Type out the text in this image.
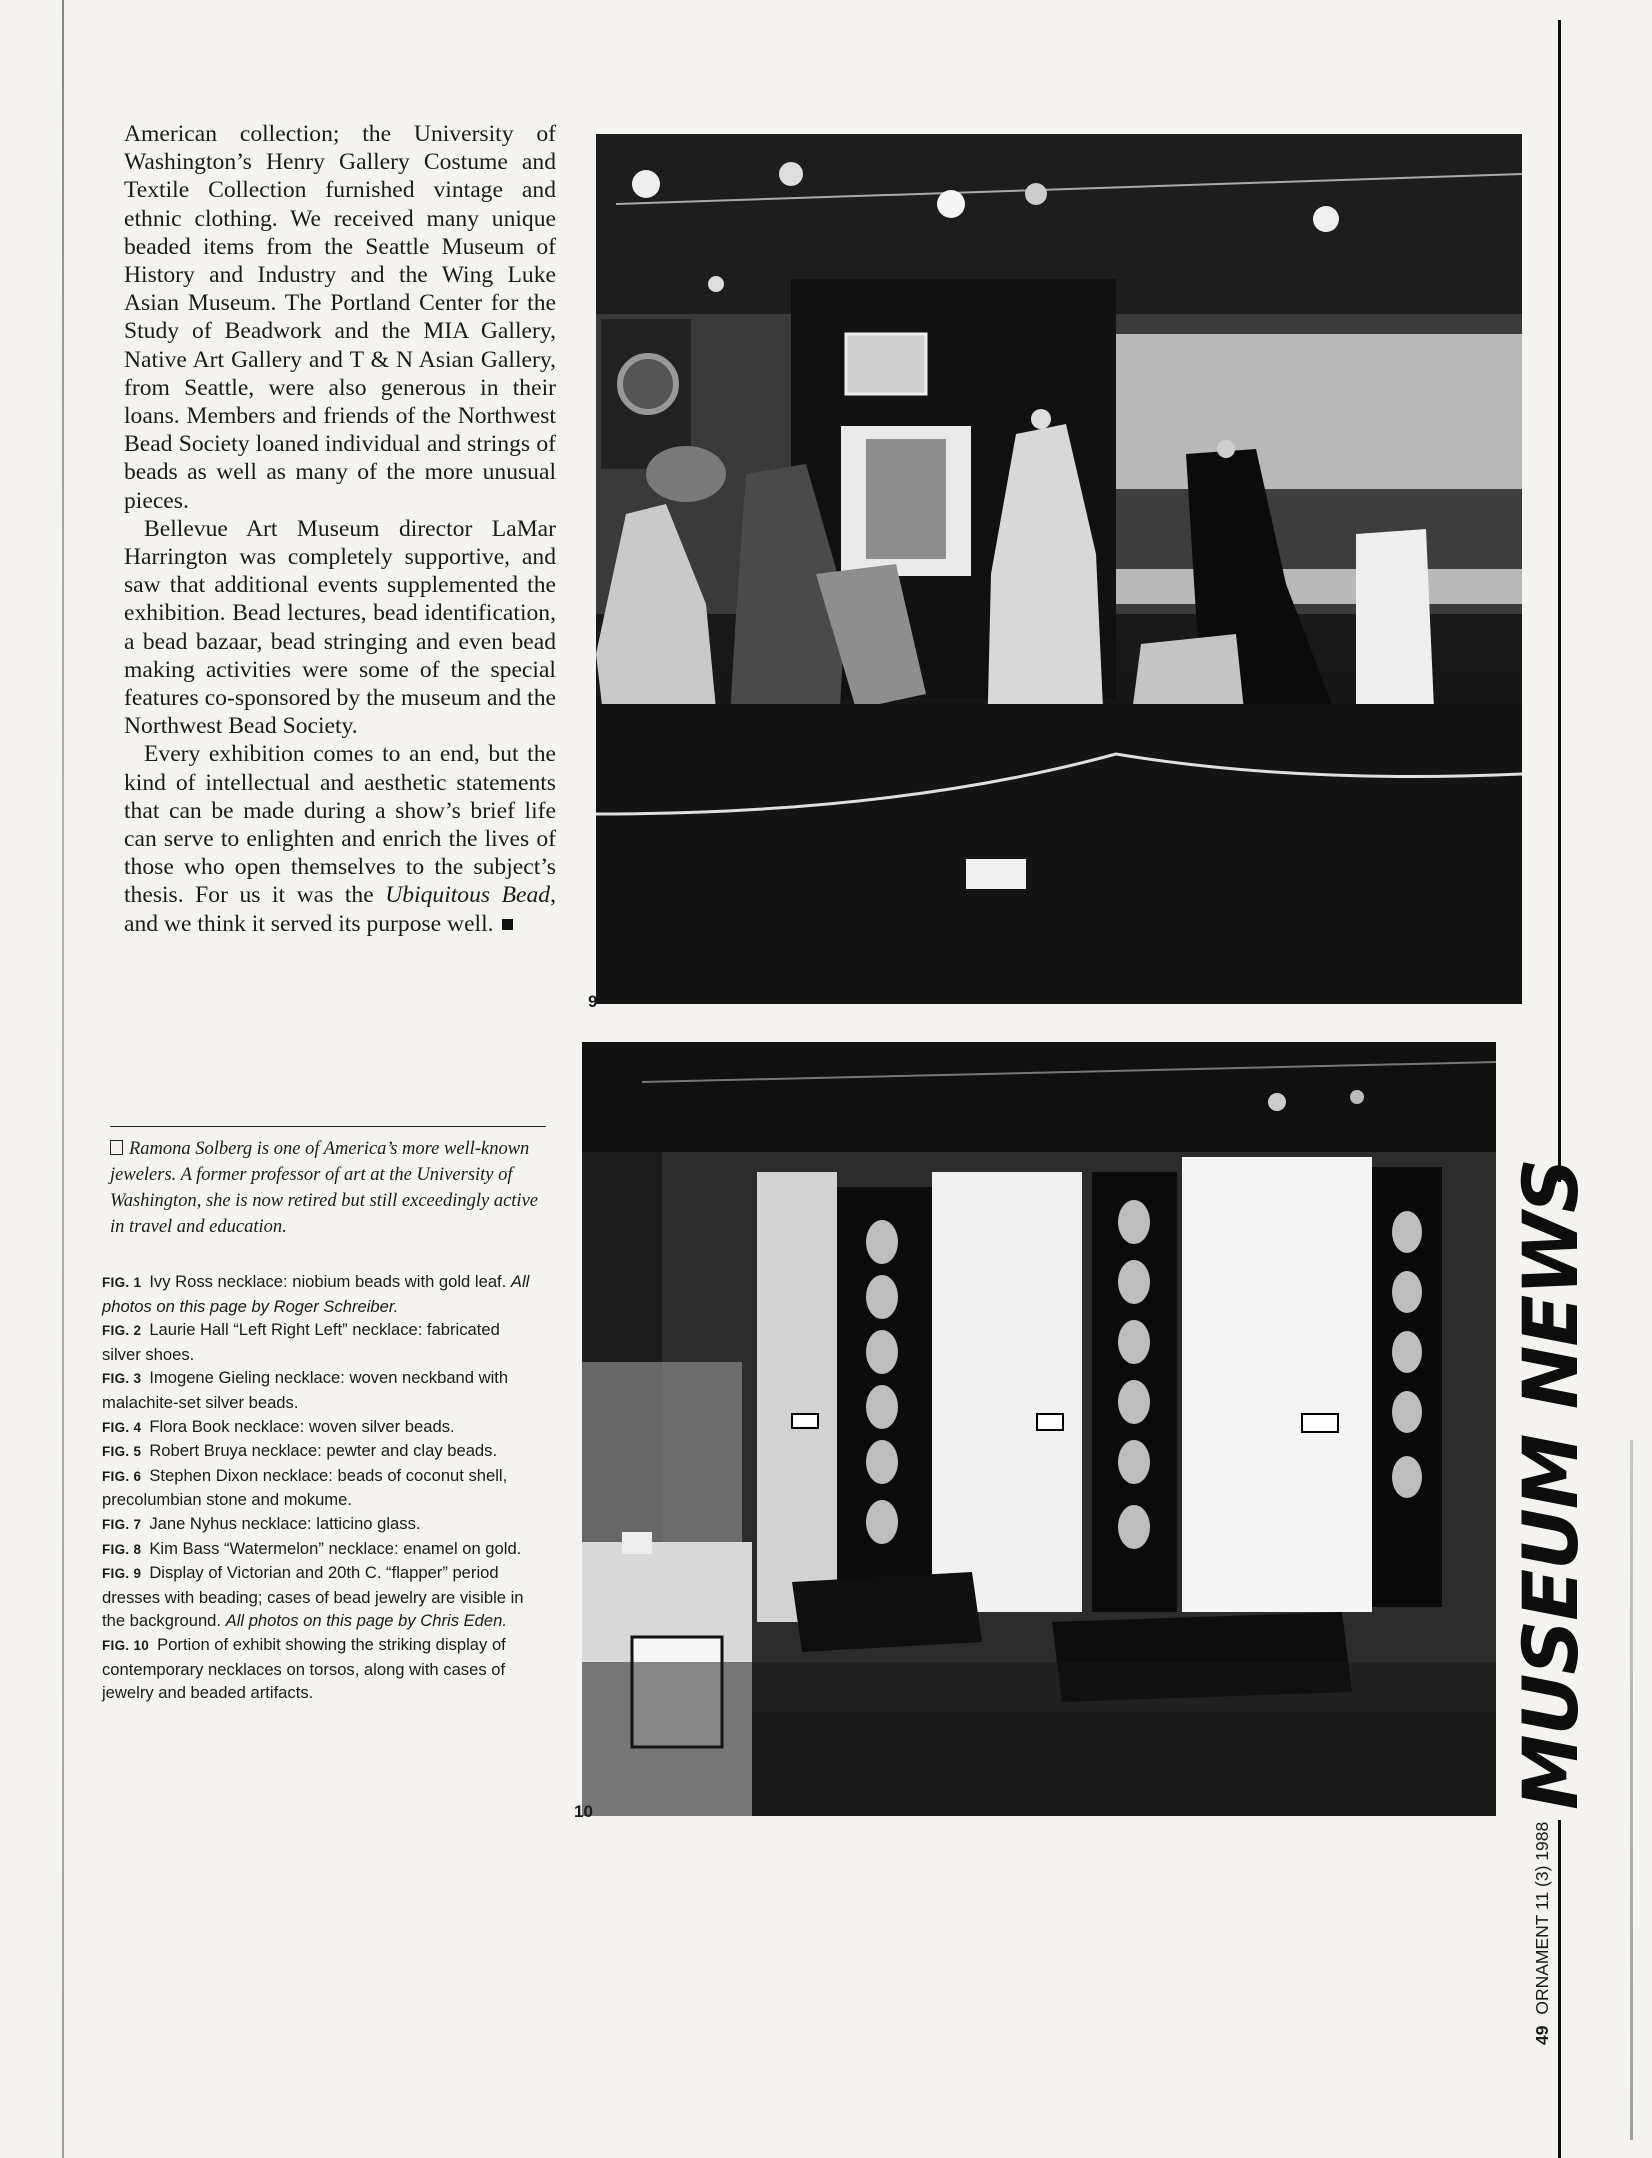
American collection; the University of Washington’s Henry Gallery Costume and Textile Collection furnished vintage and ethnic clothing. We received many unique beaded items from the Seattle Museum of History and Industry and the Wing Luke Asian Museum. The Portland Center for the Study of Beadwork and the MIA Gallery, Native Art Gallery and T & N Asian Gallery, from Seattle, were also generous in their loans. Members and friends of the Northwest Bead Society loaned individual and strings of beads as well as many of the more unusual pieces.

Bellevue Art Museum director LaMar Harrington was completely supportive, and saw that additional events supplemented the exhibition. Bead lectures, bead identification, a bead bazaar, bead stringing and even bead making activities were some of the special features co-sponsored by the museum and the Northwest Bead Society.

Every exhibition comes to an end, but the kind of intellectual and aesthetic statements that can be made during a show’s brief life can serve to enlighten and enrich the lives of those who open themselves to the subject’s thesis. For us it was the Ubiquitous Bead, and we think it served its purpose well.

Ramona Solberg is one of America’s more well-known jewelers. A former professor of art at the University of Washington, she is now retired but still exceedingly active in travel and education.

FIG. 1 Ivy Ross necklace: niobium beads with gold leaf. All photos on this page by Roger Schreiber.

FIG. 2 Laurie Hall “Left Right Left” necklace: fabricated silver shoes.

FIG. 3 Imogene Gieling necklace: woven neckband with malachite-set silver beads.

FIG. 4 Flora Book necklace: woven silver beads.

FIG. 5 Robert Bruya necklace: pewter and clay beads.

FIG. 6 Stephen Dixon necklace: beads of coconut shell, precolumbian stone and mokume.

FIG. 7 Jane Nyhus necklace: latticino glass.

FIG. 8 Kim Bass “Watermelon” necklace: enamel on gold.

FIG. 9 Display of Victorian and 20th C. “flapper” period dresses with beading; cases of bead jewelry are visible in the background. All photos on this page by Chris Eden.

FIG. 10 Portion of exhibit showing the striking display of contemporary necklaces on torsos, along with cases of jewelry and beaded artifacts.

9
10
MUSEUM NEWS
49 ORNAMENT 11 (3) 1988
